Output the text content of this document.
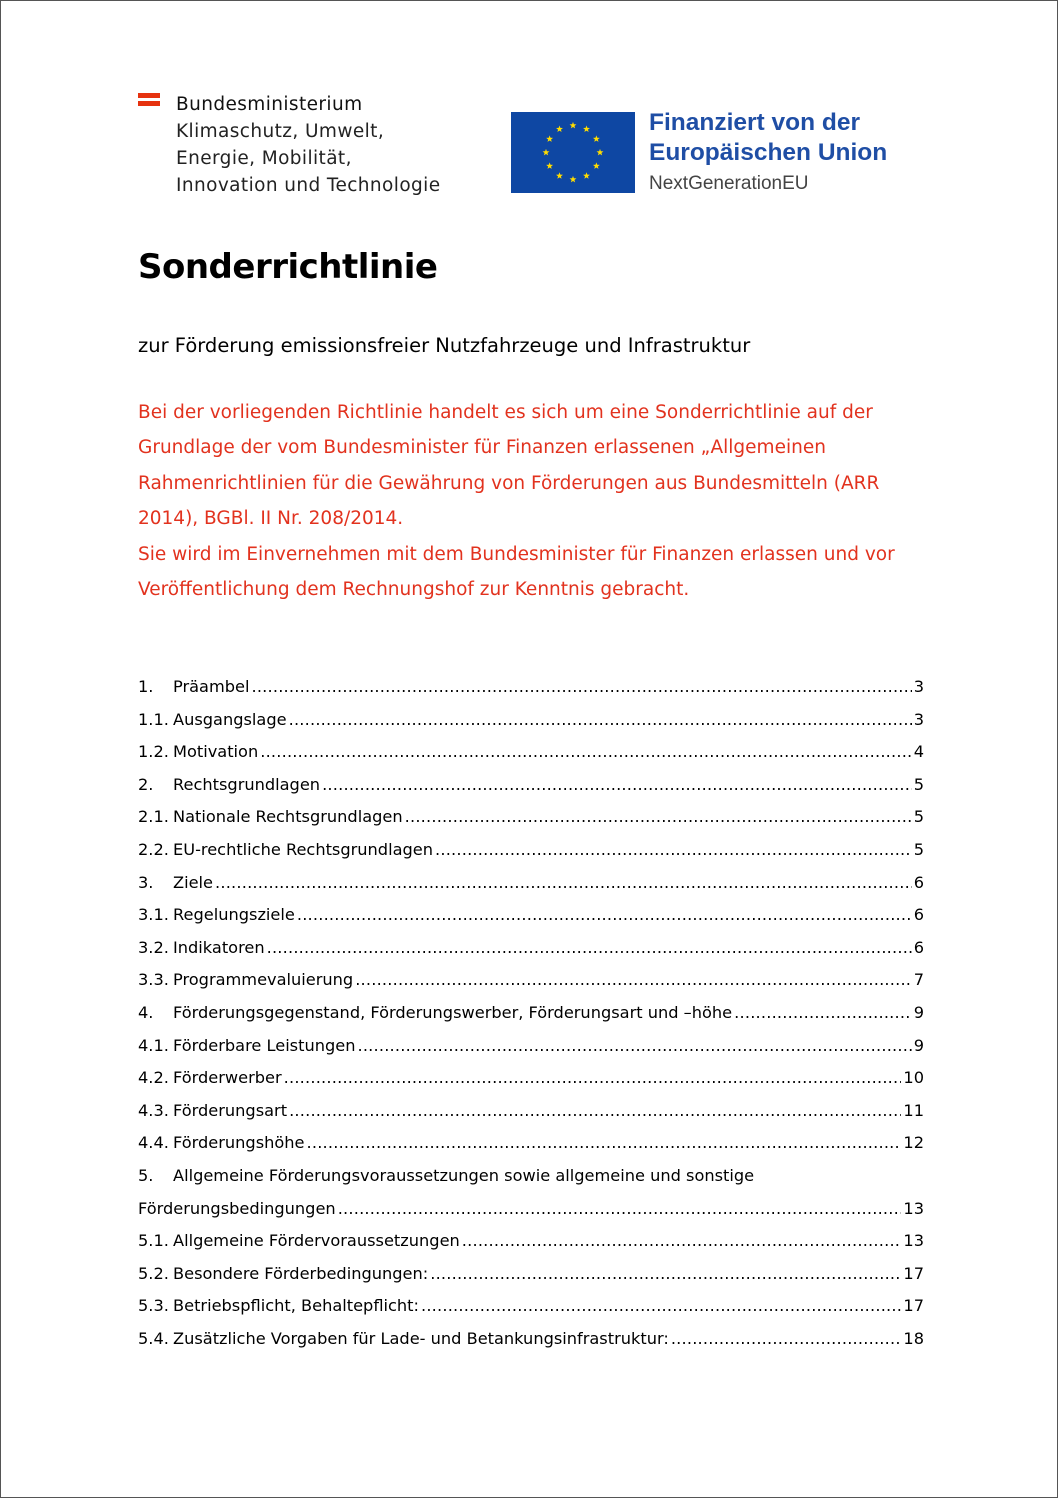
Bundesministerium
Klimaschutz, Umwelt,
Energie, Mobilität,
Innovation und Technologie
Finanziert von der
Europäischen Union
NextGenerationEU
Sonderrichtlinie
zur Förderung emissionsfreier Nutzfahrzeuge und Infrastruktur

Bei der vorliegenden Richtlinie handelt es sich um eine Sonderrichtlinie auf der

Grundlage der vom Bundesminister für Finanzen erlassenen „Allgemeinen

Rahmenrichtlinien für die Gewährung von Förderungen aus Bundesmitteln (ARR

2014), BGBl. II Nr. 208/2014.

Sie wird im Einvernehmen mit dem Bundesminister für Finanzen erlassen und vor

Veröffentlichung dem Rechnungshof zur Kenntnis gebracht.

1.	Präambel .....	3
1.1. Ausgangslage .....	3
1.2. Motivation .....	4
2.	Rechtsgrundlagen .....	5
2.1. Nationale Rechtsgrundlagen .....	5
2.2. EU-rechtliche Rechtsgrundlagen .....	5
3.	Ziele .....	6
3.1. Regelungsziele .....	6
3.2. Indikatoren .....	6
3.3. Programmevaluierung .....	7
4.	Förderungsgegenstand, Förderungswerber, Förderungsart und –höhe .....	9
4.1. Förderbare Leistungen .....	9
4.2. Förderwerber .....	10
4.3. Förderungsart .....	11
4.4. Förderungshöhe .....	12
5.	Allgemeine Förderungsvoraussetzungen sowie allgemeine und sonstige
Förderungsbedingungen .....	13
5.1. Allgemeine Fördervoraussetzungen .....	13
5.2. Besondere Förderbedingungen: .....	17
5.3. Betriebspflicht, Behaltepflicht: .....	17
5.4. Zusätzliche Vorgaben für Lade- und Betankungsinfrastruktur: .....	18
